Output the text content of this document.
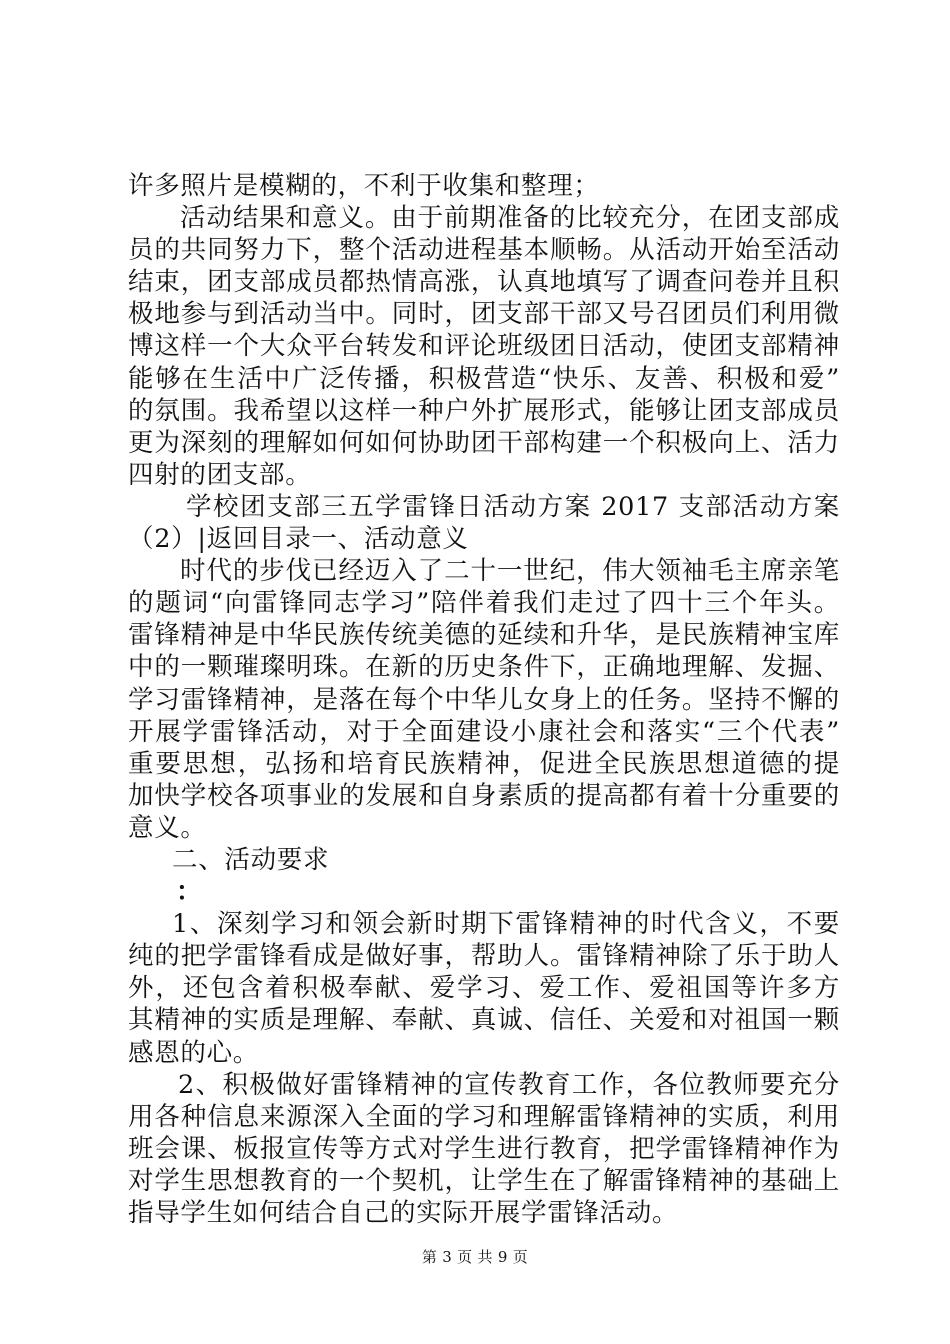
许多照片是模糊的，不利于收集和整理；
活动结果和意义。由于前期准备的比较充分，在团支部成
员的共同努力下，整个活动进程基本顺畅。从活动开始至活动
结束，团支部成员都热情高涨，认真地填写了调查问卷并且积
极地参与到活动当中。同时，团支部干部又号召团员们利用微
博这样一个大众平台转发和评论班级团日活动，使团支部精神
能够在生活中广泛传播，积极营造“快乐、友善、积极和爱”
的氛围。我希望以这样一种户外扩展形式，能够让团支部成员
更为深刻的理解如何如何协助团干部构建一个积极向上、活力
四射的团支部。
学校团支部三五学雷锋日活动方案 2017 支部活动方案
（2）|返回目录一、活动意义
时代的步伐已经迈入了二十一世纪，伟大领袖毛主席亲笔
的题词“向雷锋同志学习”陪伴着我们走过了四十三个年头。
雷锋精神是中华民族传统美德的延续和升华，是民族精神宝库
中的一颗璀璨明珠。在新的历史条件下，正确地理解、发掘、
学习雷锋精神，是落在每个中华儿女身上的任务。坚持不懈的
开展学雷锋活动，对于全面建设小康社会和落实“三个代表”
重要思想，弘扬和培育民族精神，促进全民族思想道德的提
加快学校各项事业的发展和自身素质的提高都有着十分重要的
意义。
二、活动要求
：
1、深刻学习和领会新时期下雷锋精神的时代含义，不要
纯的把学雷锋看成是做好事，帮助人。雷锋精神除了乐于助人
外，还包含着积极奉献、爱学习、爱工作、爱祖国等许多方
其精神的实质是理解、奉献、真诚、信任、关爱和对祖国一颗
感恩的心。
2、积极做好雷锋精神的宣传教育工作，各位教师要充分
用各种信息来源深入全面的学习和理解雷锋精神的实质，利用
班会课、板报宣传等方式对学生进行教育，把学雷锋精神作为
对学生思想教育的一个契机，让学生在了解雷锋精神的基础上
指导学生如何结合自己的实际开展学雷锋活动。
第 3 页 共 9 页
